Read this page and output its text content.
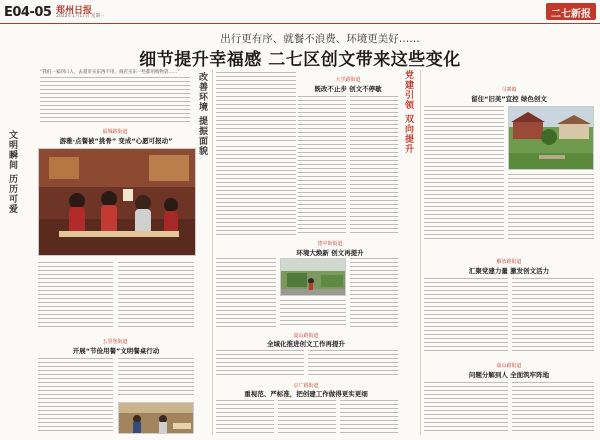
E04-05 郑州日报
2022年1月17日 星期一	二七新报
出行更有序、就餐不浪费、环境更美好……
细节提升幸福感 二七区创文带来这些变化
“我们一家四口人，去超市买东西不用，商店买东一些都用购物袋……”
文明瞬间 历历可爱
改善环境 提振面貌	党建引领 双向提升
福城路街道
游雅·点餐被“挑骨” 变成“心愿可报动”
五里堡街道
开展“节俭用餐”文明餐桌行动
大学路街道
既改不止步 创文不停歇
建中街街道
环境大焕新 创文再提升
嵩山路街道
全域化推进创文工作再提升
京广路街道
重视范、严标准，把创建工作做得更实更细
马寨镇
留住“旧美”宜控 绿色创文
解放路街道
汇聚党建力量 激发创文活力
嵩山路街道
问题分解到人 全面筑牢阵地
